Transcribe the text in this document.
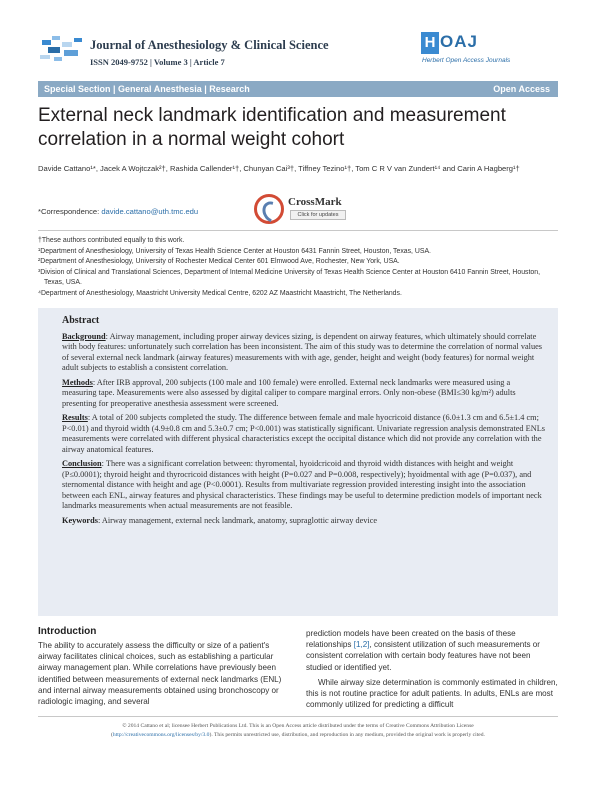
Journal of Anesthesiology & Clinical Science
ISSN 2049-9752 | Volume 3 | Article 7
H OAJ
Herbert Open Access Journals
Special Section | General Anesthesia | Research	Open Access
External neck landmark identification and measurement correlation in a normal weight cohort
Davide Cattano¹*, Jacek A Wojtczak²†, Rashida Callender¹†, Chunyan Cai³†, Tiffney Tezino¹†, Tom C R V van Zundert¹⁴ and Carin A Hagberg¹†
*Correspondence: davide.cattano@uth.tmc.edu
CrossMark
Click for updates

†These authors contributed equally to this work.

¹Department of Anesthesiology, University of Texas Health Science Center at Houston 6431 Fannin Street, Houston, Texas, USA.

²Department of Anesthesiology, University of Rochester Medical Center 601 Elmwood Ave, Rochester, New York, USA.

³Division of Clinical and Translational Sciences, Department of Internal Medicine University of Texas Health Science Center at Houston 6410 Fannin Street, Houston, Texas, USA.

⁴Department of Anesthesiology, Maastricht University Medical Centre, 6202 AZ Maastricht Maastricht, The Netherlands.

Abstract

Background: Airway management, including proper airway devices sizing, is dependent on airway features, which ultimately should correlate with body features: unfortunately such correlation has been inconsistent. The aim of this study was to determine the correlation of normal values of several external neck landmark (airway features) measurements with with age, gender, height and weight (body features) for normal weight adult subjects to establish a consistent correlation.

Methods: After IRB approval, 200 subjects (100 male and 100 female) were enrolled. External neck landmarks were measured using a measuring tape. Measurements were also assessed by digital caliper to compare marginal errors. Only non-obese (BMI≤30 kg/m²) adults presenting for preoperative anesthesia assessment were screened.

Results: A total of 200 subjects completed the study. The difference between female and male hyocricoid distance (6.0±1.3 cm and 6.5±1.4 cm; P<0.01) and thyroid width (4.9±0.8 cm and 5.3±0.7 cm; P<0.001) was statistically significant. Univariate regression analysis demonstrated ENLs measurements were correlated with different physical characteristics except the occipital distance which did not provide any correlation with the airway anatomical features.

Conclusion: There was a significant correlation between: thyromental, hyoidcricoid and thyroid width distances with height and weight (P≤0.0001); thyroid height and thyrocricoid distances with height (P=0.027 and P=0.008, respectively); hyoidmental with age (P=0.037), and sternomental distance with height and age (P<0.0001). Results from multivariate regression provided interesting insight into the association between each ENL, airway features and physical characteristics. These findings may be useful to determine prediction models of important neck landmarks measurements when actual measurements are not feasible.

Keywords: Airway management, external neck landmark, anatomy, supraglottic airway device

Introduction

The ability to accurately assess the difficulty or size of a patient's airway facilitates clinical choices, such as establishing a particular airway management plan. While correlations have previously been identified between measurements of external neck landmarks (ENL) and internal airway measurements obtained using bronchoscopy or radiologic imaging, and several

prediction models have been created on the basis of these relationships [1,2], consistent utilization of such measurements or consistent correlation with certain body features have not been studied or identified yet.

While airway size determination is commonly estimated in children, this is not routine practice for adult patients. In adults, ENLs are most commonly utilized for predicting a difficult

© 2014 Cattano et al; licensee Herbert Publications Ltd. This is an Open Access article distributed under the terms of Creative Commons Attribution License
(http://creativecommons.org/licenses/by/3.0). This permits unrestricted use, distribution, and reproduction in any medium, provided the original work is properly cited.
